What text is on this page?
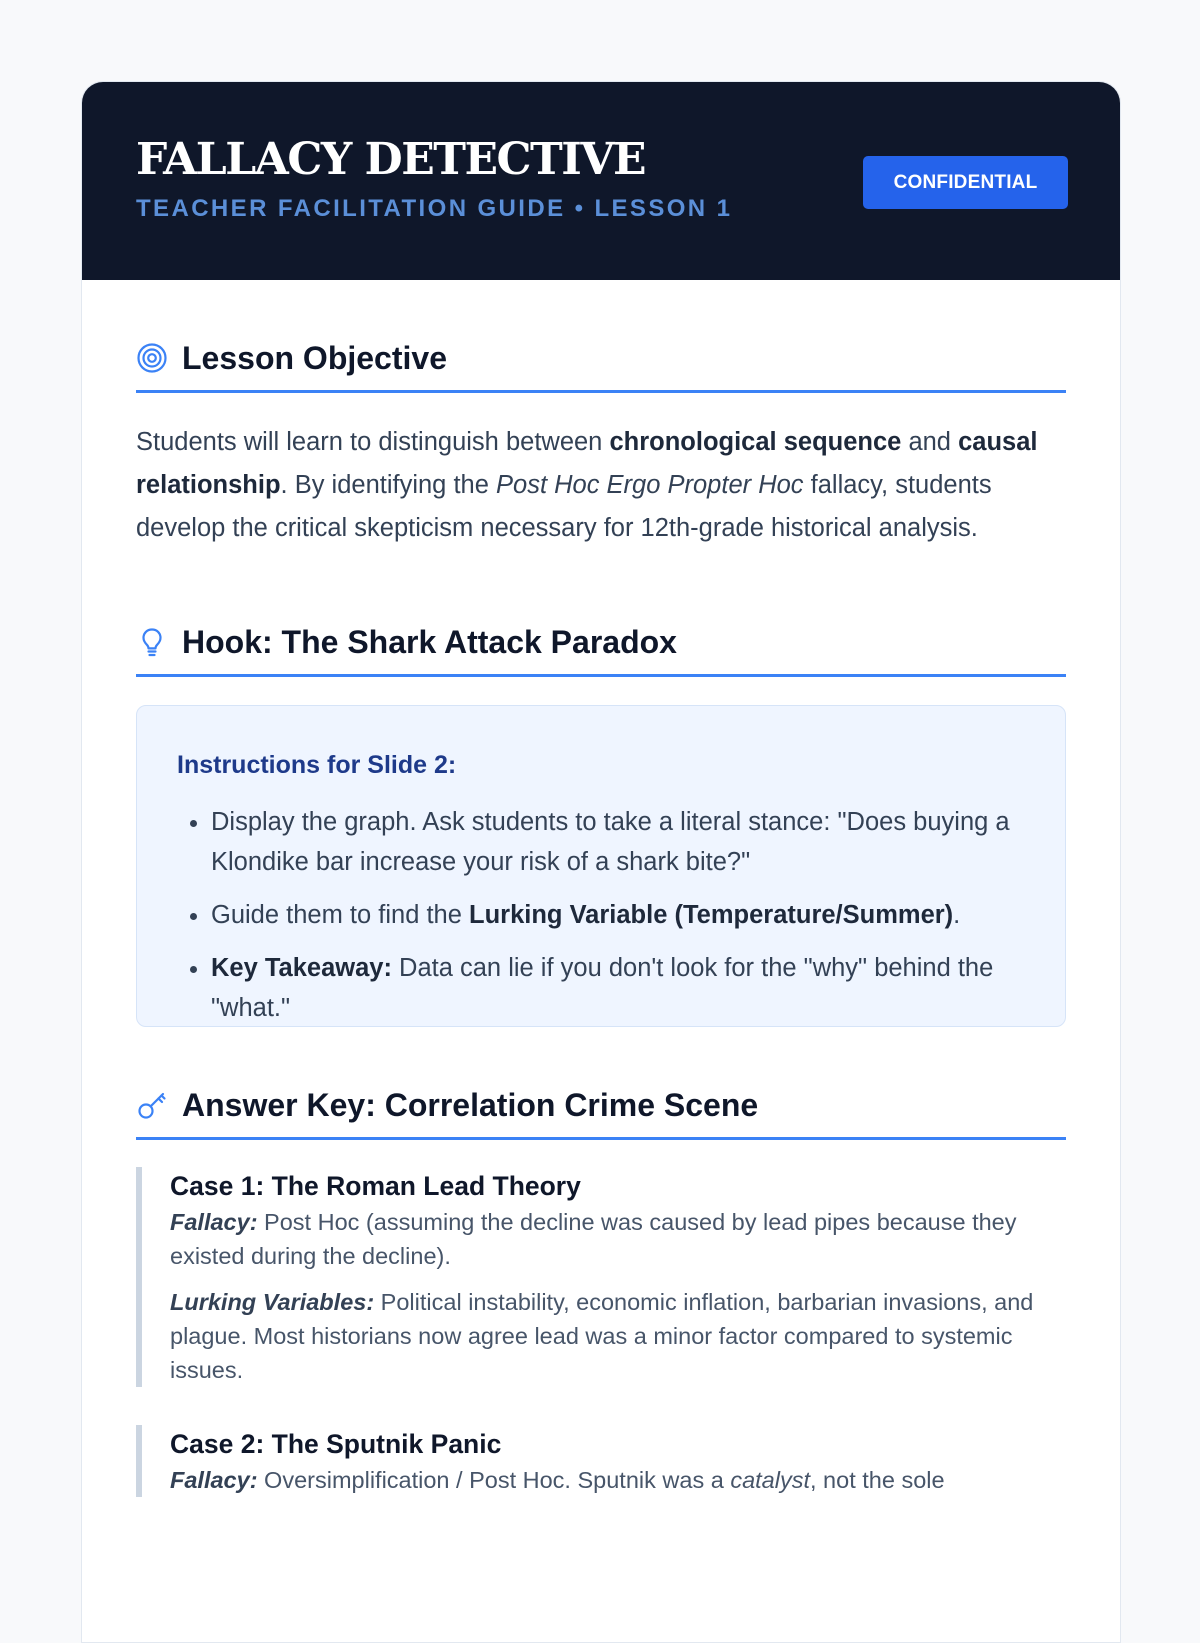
FALLACY DETECTIVE
TEACHER FACILITATION GUIDE • LESSON 1
CONFIDENTIAL
Lesson Objective

Students will learn to distinguish between chronological sequence and causal relationship. By identifying the Post Hoc Ergo Propter Hoc fallacy, students develop the critical skepticism necessary for 12th-grade historical analysis.

Hook: The Shark Attack Paradox
Instructions for Slide 2:
• Display the graph. Ask students to take a literal stance: "Does buying a Klondike bar increase your risk of a shark bite?"
• Guide them to find the Lurking Variable (Temperature/Summer).
• Key Takeaway: Data can lie if you don't look for the "why" behind the "what."
Answer Key: Correlation Crime Scene
Case 1: The Roman Lead Theory

Fallacy: Post Hoc (assuming the decline was caused by lead pipes because they existed during the decline).

Lurking Variables: Political instability, economic inflation, barbarian invasions, and plague. Most historians now agree lead was a minor factor compared to systemic issues.

Case 2: The Sputnik Panic

Fallacy: Oversimplification / Post Hoc. Sputnik was a catalyst, not the sole
